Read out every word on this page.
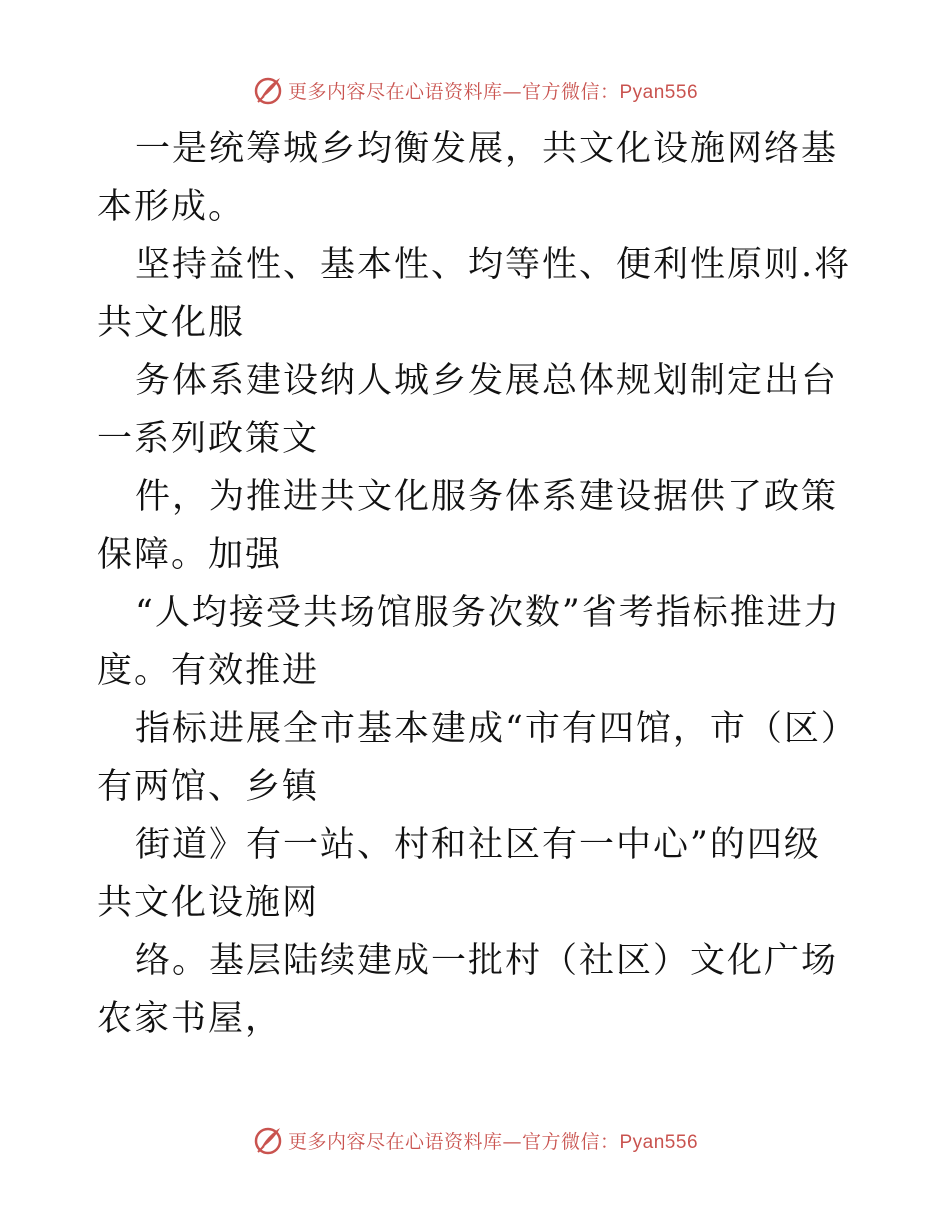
更多内容尽在心语资料库—官方微信：Pyan556

一是统筹城乡均衡发展，共文化设施网络基本形成。

坚持益性、基本性、均等性、便利性原则.将共文化服

务体系建设纳人城乡发展总体规划制定出台一系列政策文

件，为推进共文化服务体系建设据供了政策保障。加强

“人均接受共场馆服务次数”省考指标推进力度。有效推进

指标进展全市基本建成“市有四馆，市（区）有两馆、乡镇

街道》有一站、村和社区有一中心”的四级共文化设施网

络。基层陆续建成一批村（社区）文化广场农家书屋，

更多内容尽在心语资料库—官方微信：Pyan556
